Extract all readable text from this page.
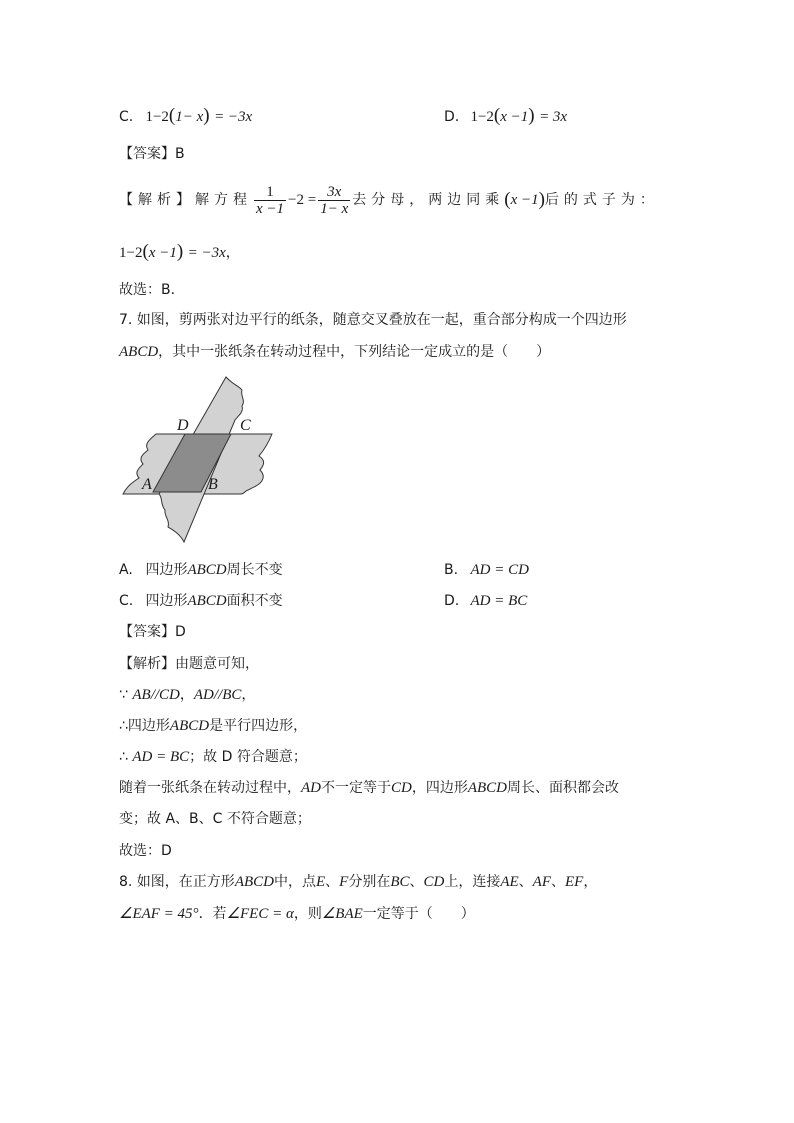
C. 1−2(1− x) = −3x	D. 1−2(x −1) = 3x
【答案】B
【解析】 解方程 $\frac{1}{x -1} -2 = \frac{3x}{1- x}$ 去分母，两边同乘 ( x −1 ) 后的式子为：
1−2(x −1) = −3x，
故选：B．
7. 如图，剪两张对边平行的纸条，随意交叉叠放在一起，重合部分构成一个四边形
ABCD，其中一张纸条在转动过程中，下列结论一定成立的是（　　）
D	C
A	B
A. 四边形ABCD周长不变	B. AD = CD
C. 四边形ABCD面积不变	D. AD = BC
【答案】D
【解析】由题意可知，
∵ AB//CD，AD//BC，
∴四边形ABCD是平行四边形，
∴ AD = BC；故 D 符合题意；
随着一张纸条在转动过程中，AD不一定等于CD，四边形ABCD周长、面积都会改
变；故 A、B、C 不符合题意；
故选：D
8. 如图，在正方形ABCD中，点E、F分别在BC、CD上，连接AE、AF、EF，
∠EAF = 45°．若∠FEC = α，则∠BAE一定等于（　　）
